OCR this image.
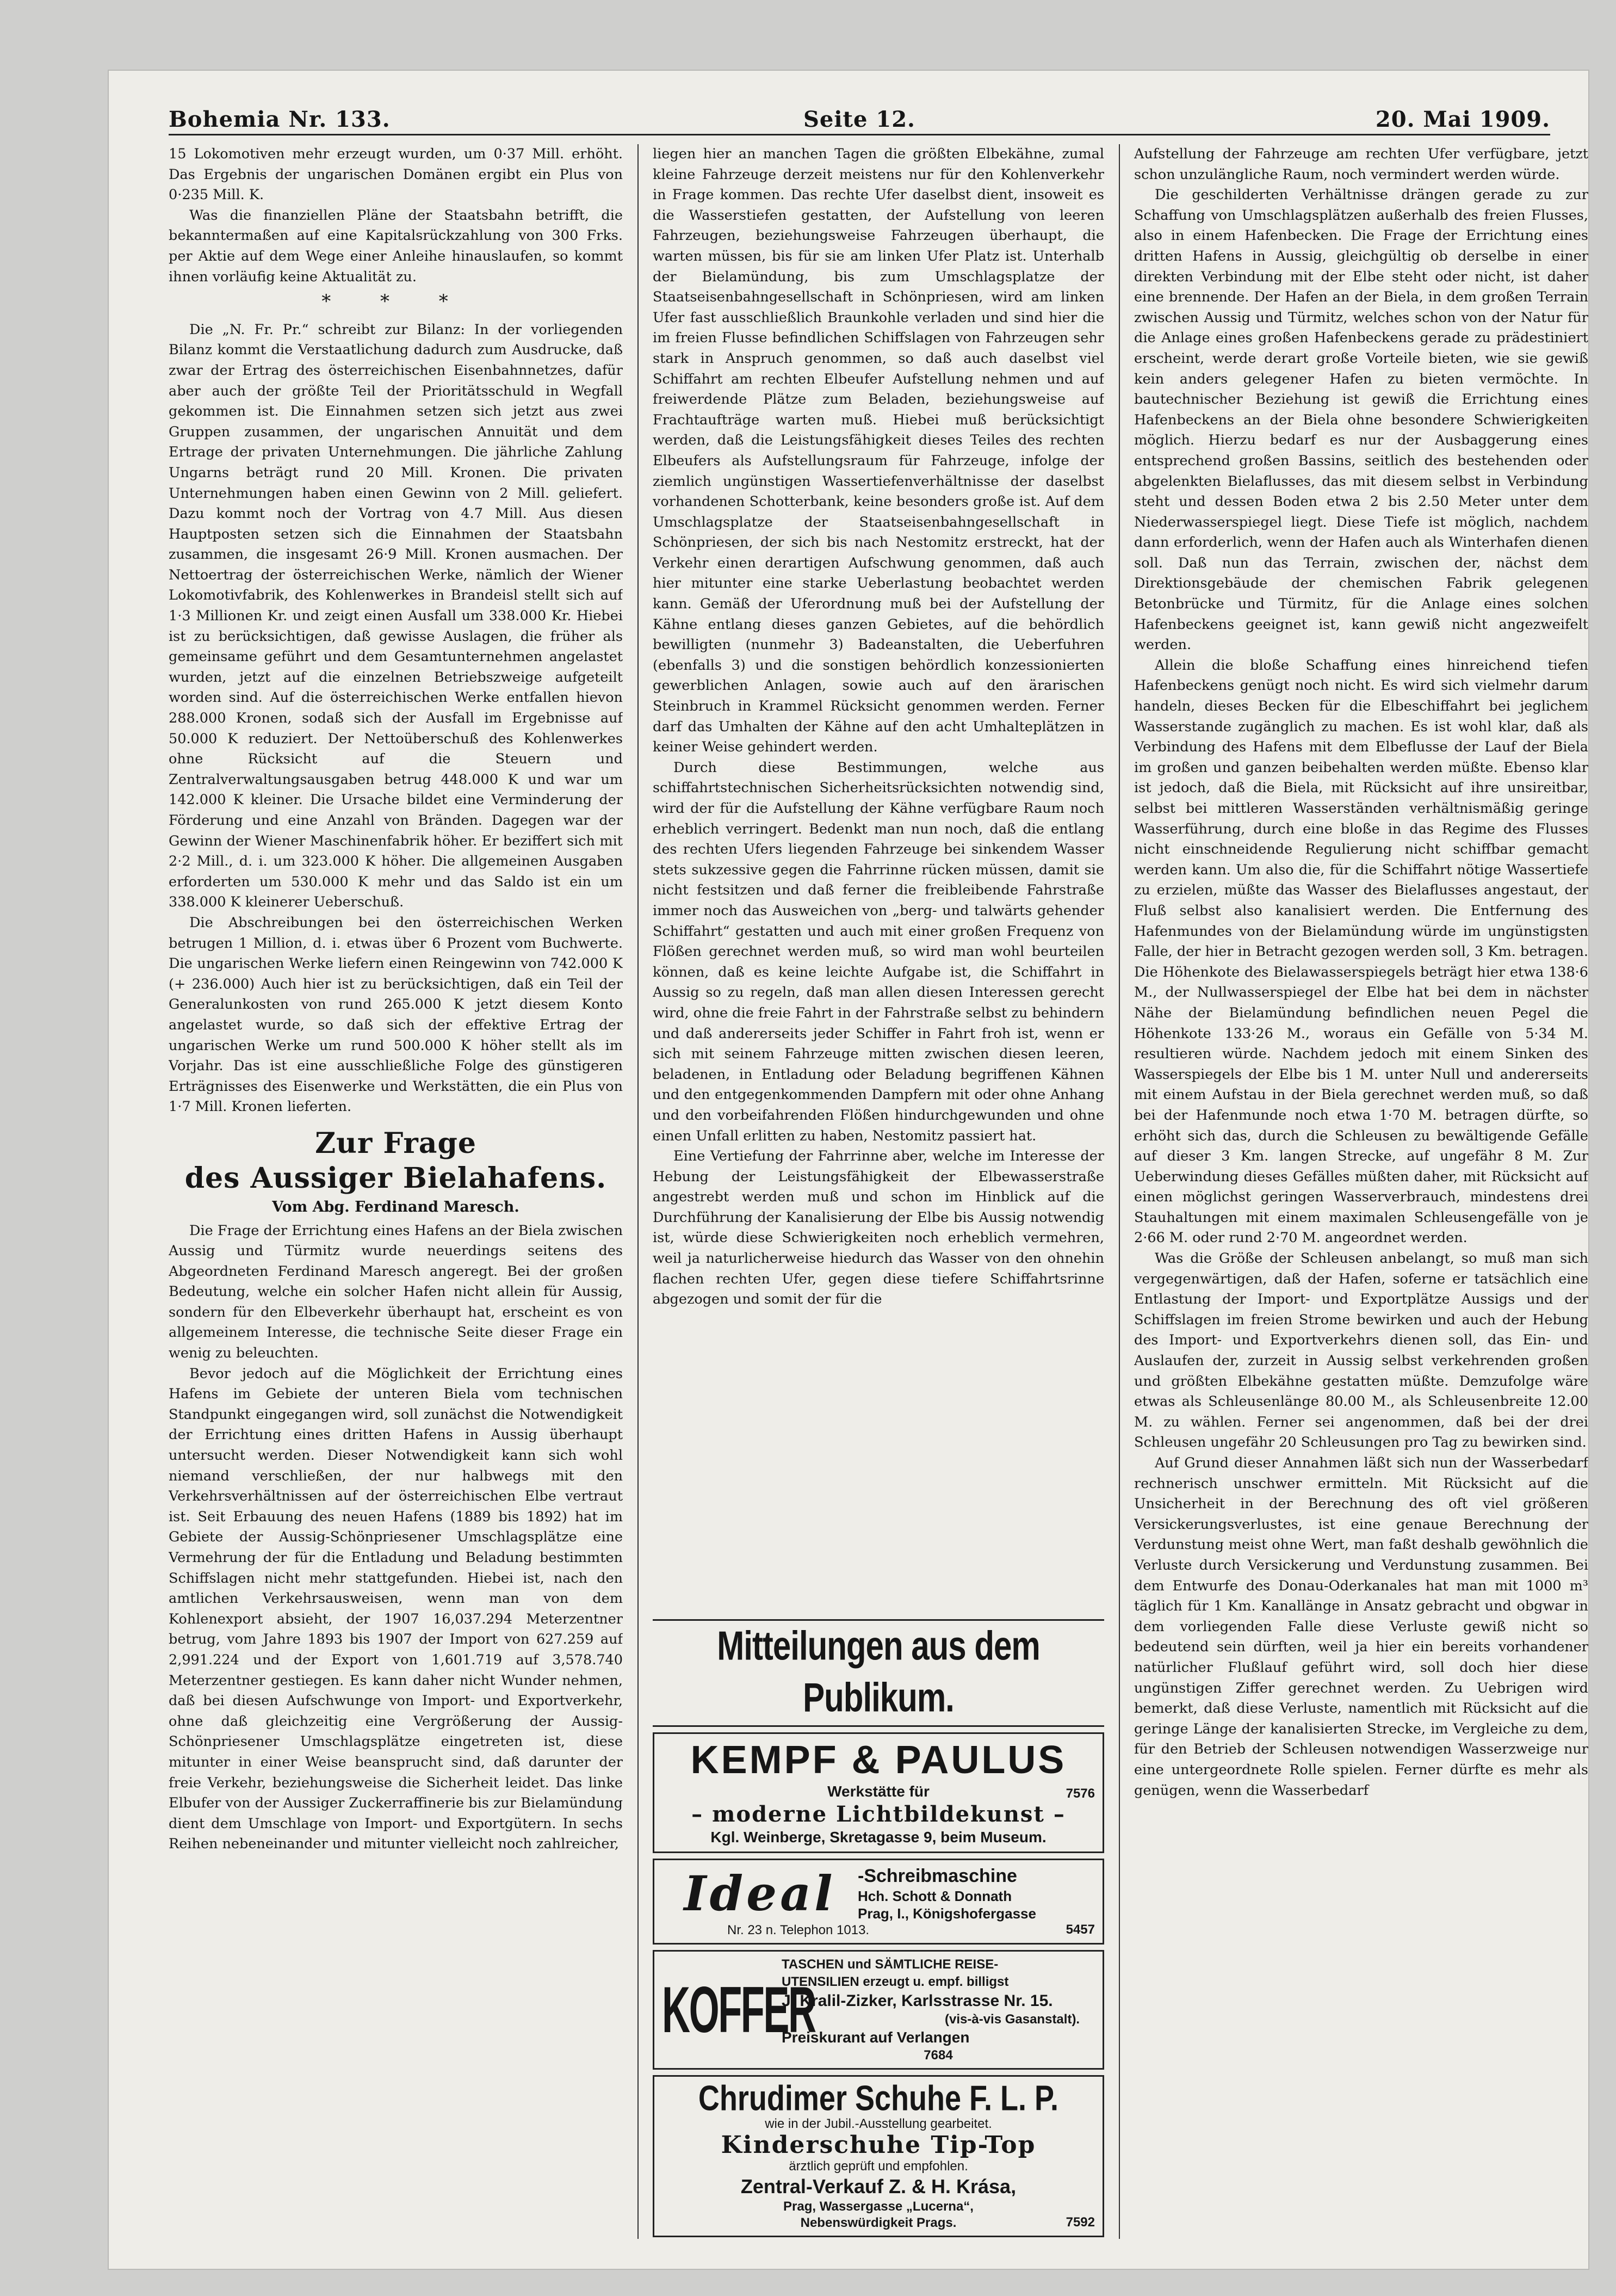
Bohemia Nr. 133.	Seite 12.	20. Mai 1909.

15 Lokomotiven mehr erzeugt wurden, um 0·37 Mill. erhöht. Das Ergebnis der ungarischen Domänen ergibt ein Plus von 0·235 Mill. K.

Was die finanziellen Pläne der Staatsbahn betrifft, die bekanntermaßen auf eine Kapitalsrückzahlung von 300 Frks. per Aktie auf dem Wege einer Anleihe hinauslaufen, so kommt ihnen vorläufig keine Aktualität zu.

* * *

Die „N. Fr. Pr.“ schreibt zur Bilanz: In der vorliegenden Bilanz kommt die Verstaatlichung dadurch zum Ausdrucke, daß zwar der Ertrag des österreichischen Eisenbahnnetzes, dafür aber auch der größte Teil der Prioritätsschuld in Wegfall gekommen ist. Die Einnahmen setzen sich jetzt aus zwei Gruppen zusammen, der ungarischen Annuität und dem Ertrage der privaten Unternehmungen. Die jährliche Zahlung Ungarns beträgt rund 20 Mill. Kronen. Die privaten Unternehmungen haben einen Gewinn von 2 Mill. geliefert. Dazu kommt noch der Vortrag von 4.7 Mill. Aus diesen Hauptposten setzen sich die Einnahmen der Staatsbahn zusammen, die insgesamt 26·9 Mill. Kronen ausmachen. Der Nettoertrag der österreichischen Werke, nämlich der Wiener Lokomotivfabrik, des Kohlenwerkes in Brandeisl stellt sich auf 1·3 Millionen Kr. und zeigt einen Ausfall um 338.000 Kr. Hiebei ist zu berücksichtigen, daß gewisse Auslagen, die früher als gemeinsame geführt und dem Gesamtunternehmen angelastet wurden, jetzt auf die einzelnen Betriebszweige aufgeteilt worden sind. Auf die österreichischen Werke entfallen hievon 288.000 Kronen, sodaß sich der Ausfall im Ergebnisse auf 50.000 K reduziert. Der Nettoüberschuß des Kohlenwerkes ohne Rücksicht auf die Steuern und Zentralverwaltungsausgaben betrug 448.000 K und war um 142.000 K kleiner. Die Ursache bildet eine Verminderung der Förderung und eine Anzahl von Bränden. Dagegen war der Gewinn der Wiener Maschinenfabrik höher. Er beziffert sich mit 2·2 Mill., d. i. um 323.000 K höher. Die allgemeinen Ausgaben erforderten um 530.000 K mehr und das Saldo ist ein um 338.000 K kleinerer Ueberschuß.

Die Abschreibungen bei den österreichischen Werken betrugen 1 Million, d. i. etwas über 6 Prozent vom Buchwerte. Die ungarischen Werke liefern einen Reingewinn von 742.000 K (+ 236.000) Auch hier ist zu berücksichtigen, daß ein Teil der Generalunkosten von rund 265.000 K jetzt diesem Konto angelastet wurde, so daß sich der effektive Ertrag der ungarischen Werke um rund 500.000 K höher stellt als im Vorjahr. Das ist eine ausschließliche Folge des günstigeren Erträgnisses des Eisenwerke und Werkstätten, die ein Plus von 1·7 Mill. Kronen lieferten.

Zur Frage
des Aussiger Bielahafens.
Vom Abg. Ferdinand Maresch.

Die Frage der Errichtung eines Hafens an der Biela zwischen Aussig und Türmitz wurde neuerdings seitens des Abgeordneten Ferdinand Maresch angeregt. Bei der großen Bedeutung, welche ein solcher Hafen nicht allein für Aussig, sondern für den Elbeverkehr überhaupt hat, erscheint es von allgemeinem Interesse, die technische Seite dieser Frage ein wenig zu beleuchten.

Bevor jedoch auf die Möglichkeit der Errichtung eines Hafens im Gebiete der unteren Biela vom technischen Standpunkt eingegangen wird, soll zunächst die Notwendigkeit der Errichtung eines dritten Hafens in Aussig überhaupt untersucht werden. Dieser Notwendigkeit kann sich wohl niemand verschließen, der nur halbwegs mit den Verkehrsverhältnissen auf der österreichischen Elbe vertraut ist. Seit Erbauung des neuen Hafens (1889 bis 1892) hat im Gebiete der Aussig-Schönpriesener Umschlagsplätze eine Vermehrung der für die Entladung und Beladung bestimmten Schiffslagen nicht mehr stattgefunden. Hiebei ist, nach den amtlichen Verkehrsausweisen, wenn man von dem Kohlenexport absieht, der 1907 16,037.294 Meterzentner betrug, vom Jahre 1893 bis 1907 der Import von 627.259 auf 2,991.224 und der Export von 1,601.719 auf 3,578.740 Meterzentner gestiegen. Es kann daher nicht Wunder nehmen, daß bei diesen Aufschwunge von Import- und Exportverkehr, ohne daß gleichzeitig eine Vergrößerung der Aussig-Schönpriesener Umschlagsplätze eingetreten ist, diese mitunter in einer Weise beansprucht sind, daß darunter der freie Verkehr, beziehungsweise die Sicherheit leidet. Das linke Elbufer von der Aussiger Zuckerraffinerie bis zur Bielamündung dient dem Umschlage von Import- und Exportgütern. In sechs Reihen nebeneinander und mitunter vielleicht noch zahlreicher,

liegen hier an manchen Tagen die größten Elbekähne, zumal kleine Fahrzeuge derzeit meistens nur für den Kohlenverkehr in Frage kommen. Das rechte Ufer daselbst dient, insoweit es die Wasserstiefen gestatten, der Aufstellung von leeren Fahrzeugen, beziehungsweise Fahrzeugen überhaupt, die warten müssen, bis für sie am linken Ufer Platz ist. Unterhalb der Bielamündung, bis zum Umschlagsplatze der Staatseisenbahngesellschaft in Schönpriesen, wird am linken Ufer fast ausschließlich Braunkohle verladen und sind hier die im freien Flusse befindlichen Schiffslagen von Fahrzeugen sehr stark in Anspruch genommen, so daß auch daselbst viel Schiffahrt am rechten Elbeufer Aufstellung nehmen und auf freiwerdende Plätze zum Beladen, beziehungsweise auf Frachtaufträge warten muß. Hiebei muß berücksichtigt werden, daß die Leistungsfähigkeit dieses Teiles des rechten Elbeufers als Aufstellungsraum für Fahrzeuge, infolge der ziemlich ungünstigen Wassertiefenverhältnisse der daselbst vorhandenen Schotterbank, keine besonders große ist. Auf dem Umschlagsplatze der Staatseisenbahngesellschaft in Schönpriesen, der sich bis nach Nestomitz erstreckt, hat der Verkehr einen derartigen Aufschwung genommen, daß auch hier mitunter eine starke Ueberlastung beobachtet werden kann. Gemäß der Uferordnung muß bei der Aufstellung der Kähne entlang dieses ganzen Gebietes, auf die behördlich bewilligten (nunmehr 3) Badeanstalten, die Ueberfuhren (ebenfalls 3) und die sonstigen behördlich konzessionierten gewerblichen Anlagen, sowie auch auf den ärarischen Steinbruch in Krammel Rücksicht genommen werden. Ferner darf das Umhalten der Kähne auf den acht Umhalteplätzen in keiner Weise gehindert werden.

Durch diese Bestimmungen, welche aus schiffahrtstechnischen Sicherheitsrücksichten notwendig sind, wird der für die Aufstellung der Kähne verfügbare Raum noch erheblich verringert. Bedenkt man nun noch, daß die entlang des rechten Ufers liegenden Fahrzeuge bei sinkendem Wasser stets sukzessive gegen die Fahrrinne rücken müssen, damit sie nicht festsitzen und daß ferner die freibleibende Fahrstraße immer noch das Ausweichen von „berg- und talwärts gehender Schiffahrt“ gestatten und auch mit einer großen Frequenz von Flößen gerechnet werden muß, so wird man wohl beurteilen können, daß es keine leichte Aufgabe ist, die Schiffahrt in Aussig so zu regeln, daß man allen diesen Interessen gerecht wird, ohne die freie Fahrt in der Fahrstraße selbst zu behindern und daß andererseits jeder Schiffer in Fahrt froh ist, wenn er sich mit seinem Fahrzeuge mitten zwischen diesen leeren, beladenen, in Entladung oder Beladung begriffenen Kähnen und den entgegenkommenden Dampfern mit oder ohne Anhang und den vorbeifahrenden Flößen hindurchgewunden und ohne einen Unfall erlitten zu haben, Nestomitz passiert hat.

Eine Vertiefung der Fahrrinne aber, welche im Interesse der Hebung der Leistungsfähigkeit der Elbewasserstraße angestrebt werden muß und schon im Hinblick auf die Durchführung der Kanalisierung der Elbe bis Aussig notwendig ist, würde diese Schwierigkeiten noch erheblich vermehren, weil ja naturlicherweise hiedurch das Wasser von den ohnehin flachen rechten Ufer, gegen diese tiefere Schiffahrtsrinne abgezogen und somit der für die

Mitteilungen aus dem Publikum.
KEMPF & PAULUS
Werkstätte für	7576
– moderne Lichtbildekunst –
Kgl. Weinberge, Skretagasse 9, beim Museum.
Ideal	-Schreibmaschine
Hch. Schott & Donnath
Prag, I., Königshofergasse
Nr. 23 n. Telephon 1013.	5457
KOFFER
TASCHEN und SÄMTLICHE REISE-
UTENSILIEN erzeugt u. empf. billigst
J. Kralil-Zizker, Karlsstrasse Nr. 15.
(vis-à-vis Gasanstalt).
Preiskurant auf Verlangen
7684
Chrudimer Schuhe F. L. P.
wie in der Jubil.-Ausstellung gearbeitet.
Kinderschuhe Tip-Top
ärztlich geprüft und empfohlen.
Zentral-Verkauf Z. & H. Krása,
Prag, Wassergasse „Lucerna“,
Nebenswürdigkeit Prags.	7592

Aufstellung der Fahrzeuge am rechten Ufer verfügbare, jetzt schon unzulängliche Raum, noch vermindert werden würde.

Die geschilderten Verhältnisse drängen gerade zu zur Schaffung von Umschlagsplätzen außerhalb des freien Flusses, also in einem Hafenbecken. Die Frage der Errichtung eines dritten Hafens in Aussig, gleichgültig ob derselbe in einer direkten Verbindung mit der Elbe steht oder nicht, ist daher eine brennende. Der Hafen an der Biela, in dem großen Terrain zwischen Aussig und Türmitz, welches schon von der Natur für die Anlage eines großen Hafenbeckens gerade zu prädestiniert erscheint, werde derart große Vorteile bieten, wie sie gewiß kein anders gelegener Hafen zu bieten vermöchte. In bautechnischer Beziehung ist gewiß die Errichtung eines Hafenbeckens an der Biela ohne besondere Schwierigkeiten möglich. Hierzu bedarf es nur der Ausbaggerung eines entsprechend großen Bassins, seitlich des bestehenden oder abgelenkten Bielaflusses, das mit diesem selbst in Verbindung steht und dessen Boden etwa 2 bis 2.50 Meter unter dem Niederwasserspiegel liegt. Diese Tiefe ist möglich, nachdem dann erforderlich, wenn der Hafen auch als Winterhafen dienen soll. Daß nun das Terrain, zwischen der, nächst dem Direktionsgebäude der chemischen Fabrik gelegenen Betonbrücke und Türmitz, für die Anlage eines solchen Hafenbeckens geeignet ist, kann gewiß nicht angezweifelt werden.

Allein die bloße Schaffung eines hinreichend tiefen Hafenbeckens genügt noch nicht. Es wird sich vielmehr darum handeln, dieses Becken für die Elbeschiffahrt bei jeglichem Wasserstande zugänglich zu machen. Es ist wohl klar, daß als Verbindung des Hafens mit dem Elbeflusse der Lauf der Biela im großen und ganzen beibehalten werden müßte. Ebenso klar ist jedoch, daß die Biela, mit Rücksicht auf ihre unsireitbar, selbst bei mittleren Wasserständen verhältnismäßig geringe Wasserführung, durch eine bloße in das Regime des Flusses nicht einschneidende Regulierung nicht schiffbar gemacht werden kann. Um also die, für die Schiffahrt nötige Wassertiefe zu erzielen, müßte das Wasser des Bielaflusses angestaut, der Fluß selbst also kanalisiert werden. Die Entfernung des Hafenmundes von der Bielamündung würde im ungünstigsten Falle, der hier in Betracht gezogen werden soll, 3 Km. betragen. Die Höhenkote des Bielawasserspiegels beträgt hier etwa 138·6 M., der Nullwasserspiegel der Elbe hat bei dem in nächster Nähe der Bielamündung befindlichen neuen Pegel die Höhenkote 133·26 M., woraus ein Gefälle von 5·34 M. resultieren würde. Nachdem jedoch mit einem Sinken des Wasserspiegels der Elbe bis 1 M. unter Null und andererseits mit einem Aufstau in der Biela gerechnet werden muß, so daß bei der Hafenmunde noch etwa 1·70 M. betragen dürfte, so erhöht sich das, durch die Schleusen zu bewältigende Gefälle auf dieser 3 Km. langen Strecke, auf ungefähr 8 M. Zur Ueberwindung dieses Gefälles müßten daher, mit Rücksicht auf einen möglichst geringen Wasserverbrauch, mindestens drei Stauhaltungen mit einem maximalen Schleusengefälle von je 2·66 M. oder rund 2·70 M. angeordnet werden.

Was die Größe der Schleusen anbelangt, so muß man sich vergegenwärtigen, daß der Hafen, soferne er tatsächlich eine Entlastung der Import- und Exportplätze Aussigs und der Schiffslagen im freien Strome bewirken und auch der Hebung des Import- und Exportverkehrs dienen soll, das Ein- und Auslaufen der, zurzeit in Aussig selbst verkehrenden großen und größten Elbekähne gestatten müßte. Demzufolge wäre etwas als Schleusenlänge 80.00 M., als Schleusenbreite 12.00 M. zu wählen. Ferner sei angenommen, daß bei der drei Schleusen ungefähr 20 Schleusungen pro Tag zu bewirken sind.

Auf Grund dieser Annahmen läßt sich nun der Wasserbedarf rechnerisch unschwer ermitteln. Mit Rücksicht auf die Unsicherheit in der Berechnung des oft viel größeren Versickerungsverlustes, ist eine genaue Berechnung der Verdunstung meist ohne Wert, man faßt deshalb gewöhnlich die Verluste durch Versickerung und Verdunstung zusammen. Bei dem Entwurfe des Donau-Oderkanales hat man mit 1000 m³ täglich für 1 Km. Kanallänge in Ansatz gebracht und obgwar in dem vorliegenden Falle diese Verluste gewiß nicht so bedeutend sein dürften, weil ja hier ein bereits vorhandener natürlicher Flußlauf geführt wird, soll doch hier diese ungünstigen Ziffer gerechnet werden. Zu Uebrigen wird bemerkt, daß diese Verluste, namentlich mit Rücksicht auf die geringe Länge der kanalisierten Strecke, im Vergleiche zu dem, für den Betrieb der Schleusen notwendigen Wasserzweige nur eine untergeordnete Rolle spielen. Ferner dürfte es mehr als genügen, wenn die Wasserbedarf
